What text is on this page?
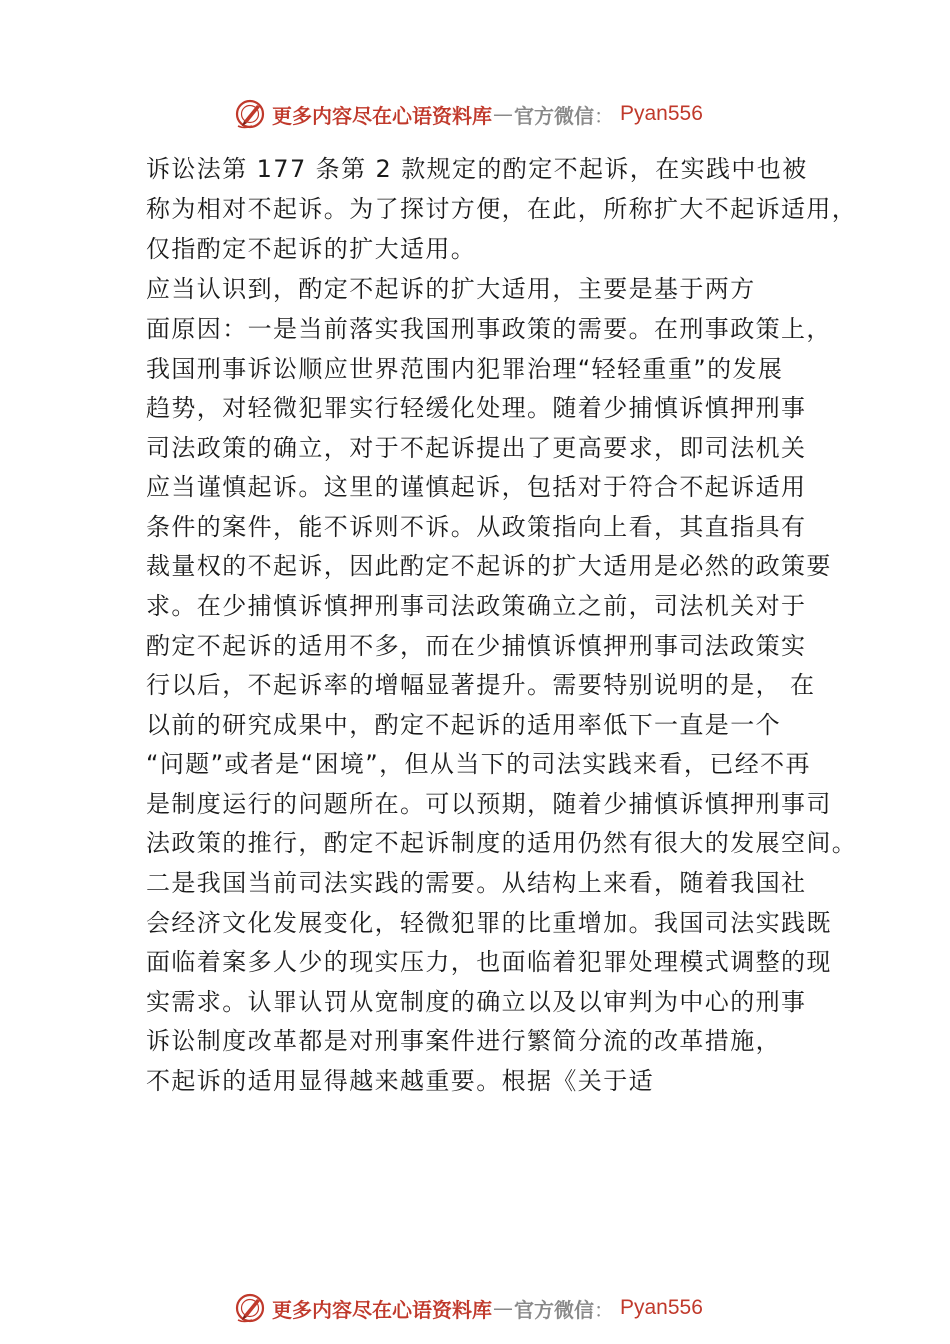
更多内容尽在心语资料库 — 官方微信 ： Pyan556
诉讼法第 177 条第 2 款规定的酌定不起诉，在实践中也被
称为相对不起诉。为了探讨方便，在此，所称扩大不起诉适用，
仅指酌定不起诉的扩大适用。
应当认识到，酌定不起诉的扩大适用，主要是基于两方
面原因：一是当前落实我国刑事政策的需要。在刑事政策上，
我国刑事诉讼顺应世界范围内犯罪治理“轻轻重重”的发展
趋势，对轻微犯罪实行轻缓化处理。随着少捕慎诉慎押刑事
司法政策的确立，对于不起诉提出了更高要求，即司法机关
应当谨慎起诉。这里的谨慎起诉，包括对于符合不起诉适用
条件的案件，能不诉则不诉。从政策指向上看，其直指具有
裁量权的不起诉，因此酌定不起诉的扩大适用是必然的政策要
求。在少捕慎诉慎押刑事司法政策确立之前，司法机关对于
酌定不起诉的适用不多，而在少捕慎诉慎押刑事司法政策实
行以后，不起诉率的增幅显著提升。需要特别说明的是， 在
以前的研究成果中，酌定不起诉的适用率低下一直是一个
“问题”或者是“困境”，但从当下的司法实践来看，已经不再
是制度运行的问题所在。可以预期，随着少捕慎诉慎押刑事司
法政策的推行，酌定不起诉制度的适用仍然有很大的发展空间。
二是我国当前司法实践的需要。从结构上来看，随着我国社
会经济文化发展变化，轻微犯罪的比重增加。我国司法实践既
面临着案多人少的现实压力，也面临着犯罪处理模式调整的现
实需求。认罪认罚从宽制度的确立以及以审判为中心的刑事
诉讼制度改革都是对刑事案件进行繁简分流的改革措施，
不起诉的适用显得越来越重要。根据《关于适
更多内容尽在心语资料库 — 官方微信 ： Pyan556
